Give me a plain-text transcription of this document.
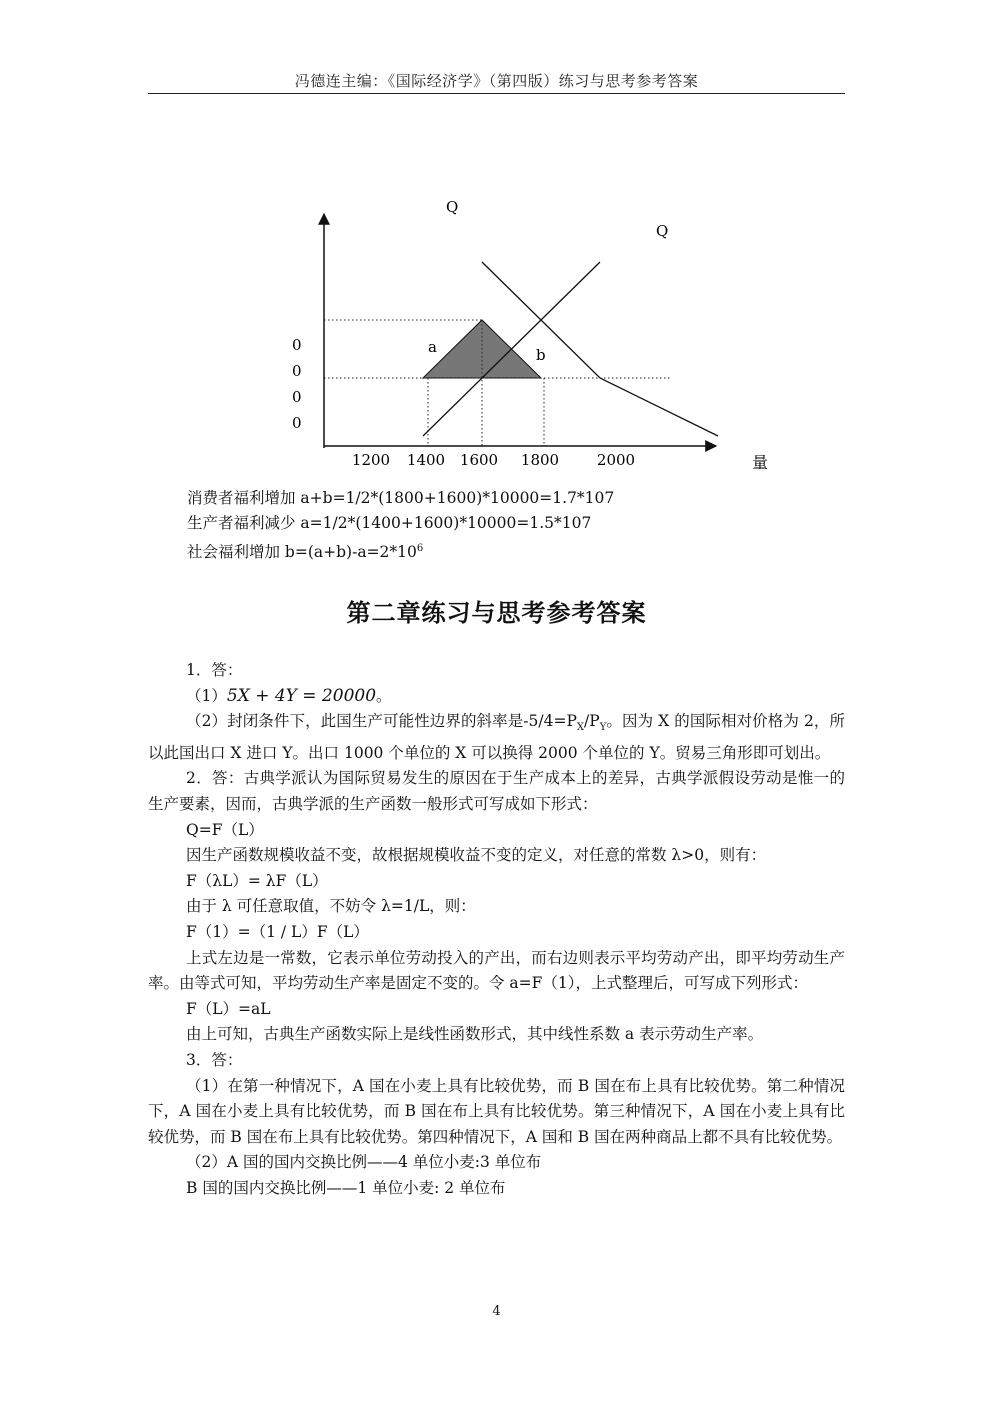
冯德连主编：《国际经济学》（第四版）练习与思考参考答案
Q
Q
a	b
0
0
0
0
1200 1400 1600 1800	2000	量

消费者福利增加 a+b=1/2*(1800+1600)*10000=1.7*107

生产者福利减少 a=1/2*(1400+1600)*10000=1.5*107

社会福利增加 $b=(a+b)-a=2*10^6$

第二章练习与思考参考答案

1．答：

（1）5X + 4Y = 20000。

（2）封闭条件下，此国生产可能性边界的斜率是$-5/4=P_X/P_Y$。因为 X 的国际相对价格为 2，所以此国出口 X 进口 Y。出口 1000 个单位的 X 可以换得 2000 个单位的 Y。贸易三角形即可划出。

2．答：古典学派认为国际贸易发生的原因在于生产成本上的差异，古典学派假设劳动是惟一的生产要素，因而，古典学派的生产函数一般形式可写成如下形式：

Q=F（L）

因生产函数规模收益不变，故根据规模收益不变的定义，对任意的常数 λ>0，则有：

F（λL）= λF（L）

由于 λ 可任意取值，不妨令 λ=1/L，则：

F（1）=（1 / L）F（L）

上式左边是一常数，它表示单位劳动投入的产出，而右边则表示平均劳动产出，即平均劳动生产率。由等式可知，平均劳动生产率是固定不变的。令 a=F（1），上式整理后，可写成下列形式：

F（L）=aL

由上可知，古典生产函数实际上是线性函数形式，其中线性系数 a 表示劳动生产率。

3．答：

（1）在第一种情况下，A 国在小麦上具有比较优势，而 B 国在布上具有比较优势。第二种情况下，A 国在小麦上具有比较优势，而 B 国在布上具有比较优势。第三种情况下，A 国在小麦上具有比较优势，而 B 国在布上具有比较优势。第四种情况下，A 国和 B 国在两种商品上都不具有比较优势。

（2）A 国的国内交换比例——4 单位小麦:3 单位布

B 国的国内交换比例——1 单位小麦: 2 单位布

4
